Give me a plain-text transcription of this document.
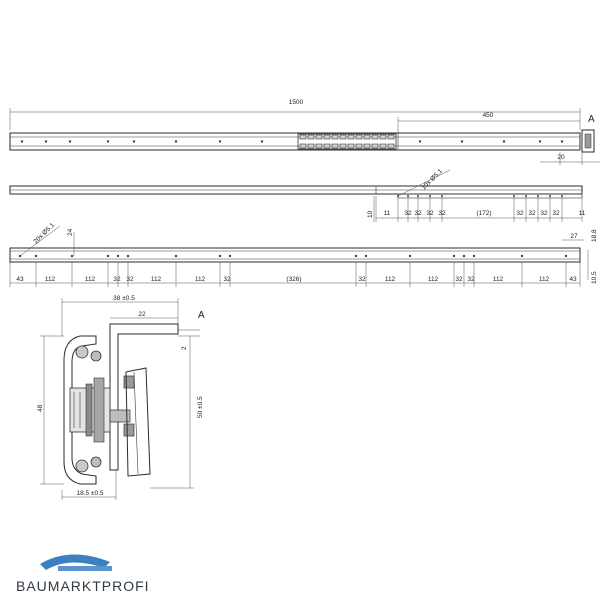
1500
450	A
20
10x Ø5.1
10 11 32 32 32 32	(172)	32 32 32 32	11
20x Ø5.1 24
27 18.8
10.5
43	112	112	32 32	112	112	32	(326)	32	112	112	32 32	112	112	43
38 ±0.5
22	A
2
48	50 ±0.5
18.5 ±0.5
BAUMARKTPROFI
